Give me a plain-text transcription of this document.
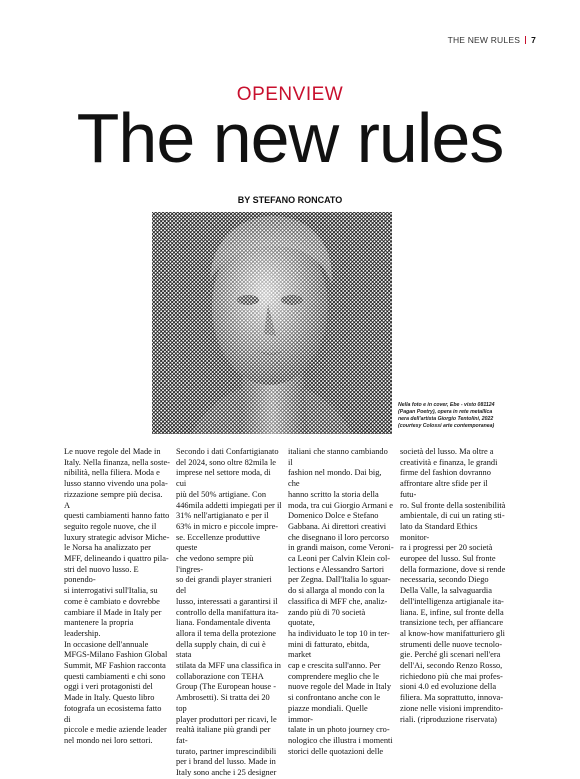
THE NEW RULES 7
OPENVIEW
The new rules
BY STEFANO RONCATO
Nella foto e in cover, Ebe - visto 081124
(Pagan Poetry), opera in rete metallica
nera dell'artista Giorgio Tentolini, 2022
(courtesy Colossi arte contemporanea)

Le nuove regole del Made in
Italy. Nella finanza, nella soste-
nibilità, nella filiera. Moda e
lusso stanno vivendo una pola-
rizzazione sempre più decisa. A
questi cambiamenti hanno fatto
seguito regole nuove, che il
luxury strategic advisor Miche-
le Norsa ha analizzato per
MFF, delineando i quattro pila-
stri del nuovo lusso. E ponendo-
si interrogativi sull'Italia, su
come è cambiato e dovrebbe
cambiare il Made in Italy per
mantenere la propria leadership.
In occasione dell'annuale
MFGS-Milano Fashion Global
Summit, MF Fashion racconta
questi cambiamenti e chi sono
oggi i veri protagonisti del
Made in Italy. Questo libro
fotografa un ecosistema fatto di
piccole e medie aziende leader
nel mondo nei loro settori.

Secondo i dati Confartigianato
del 2024, sono oltre 82mila le
imprese nel settore moda, di cui
più del 50% artigiane. Con
446mila addetti impiegati per il
31% nell'artigianato e per il
63% in micro e piccole impre-
se. Eccellenze produttive queste
che vedono sempre più l'ingres-
so dei grandi player stranieri del
lusso, interessati a garantirsi il
controllo della manifattura ita-
liana. Fondamentale diventa
allora il tema della protezione
della supply chain, di cui è stata
stilata da MFF una classifica in
collaborazione con TEHA
Group (The European house -
Ambrosetti). Si tratta dei 20 top
player produttori per ricavi, le
realtà italiane più grandi per fat-
turato, partner imprescindibili
per i brand del lusso. Made in
Italy sono anche i 25 designer

italiani che stanno cambiando il
fashion nel mondo. Dai big, che
hanno scritto la storia della
moda, tra cui Giorgio Armani e
Domenico Dolce e Stefano
Gabbana. Ai direttori creativi
che disegnano il loro percorso
in grandi maison, come Veroni-
ca Leoni per Calvin Klein col-
lections e Alessandro Sartori
per Zegna. Dall'Italia lo sguar-
do si allarga al mondo con la
classifica di MFF che, analiz-
zando più di 70 società quotate,
ha individuato le top 10 in ter-
mini di fatturato, ebitda, market
cap e crescita sull'anno. Per
comprendere meglio che le
nuove regole del Made in Italy
si confrontano anche con le
piazze mondiali. Quelle immor-
talate in un photo journey cro-
nologico che illustra i momenti
storici delle quotazioni delle

società del lusso. Ma oltre a
creatività e finanza, le grandi
firme del fashion dovranno
affrontare altre sfide per il futu-
ro. Sul fronte della sostenibilità
ambientale, di cui un rating sti-
lato da Standard Ethics monitor-
ra i progressi per 20 società
europee del lusso. Sul fronte
della formazione, dove si rende
necessaria, secondo Diego
Della Valle, la salvaguardia
dell'intelligenza artigianale ita-
liana. E, infine, sul fronte della
transizione tech, per affiancare
al know-how manifatturiero gli
strumenti delle nuove tecnolo-
gie. Perché gli scenari nell'era
dell'Ai, secondo Renzo Rosso,
richiedono più che mai profes-
sioni 4.0 ed evoluzione della
filiera. Ma soprattutto, innova-
zione nelle visioni imprendito-
riali. (riproduzione riservata)
